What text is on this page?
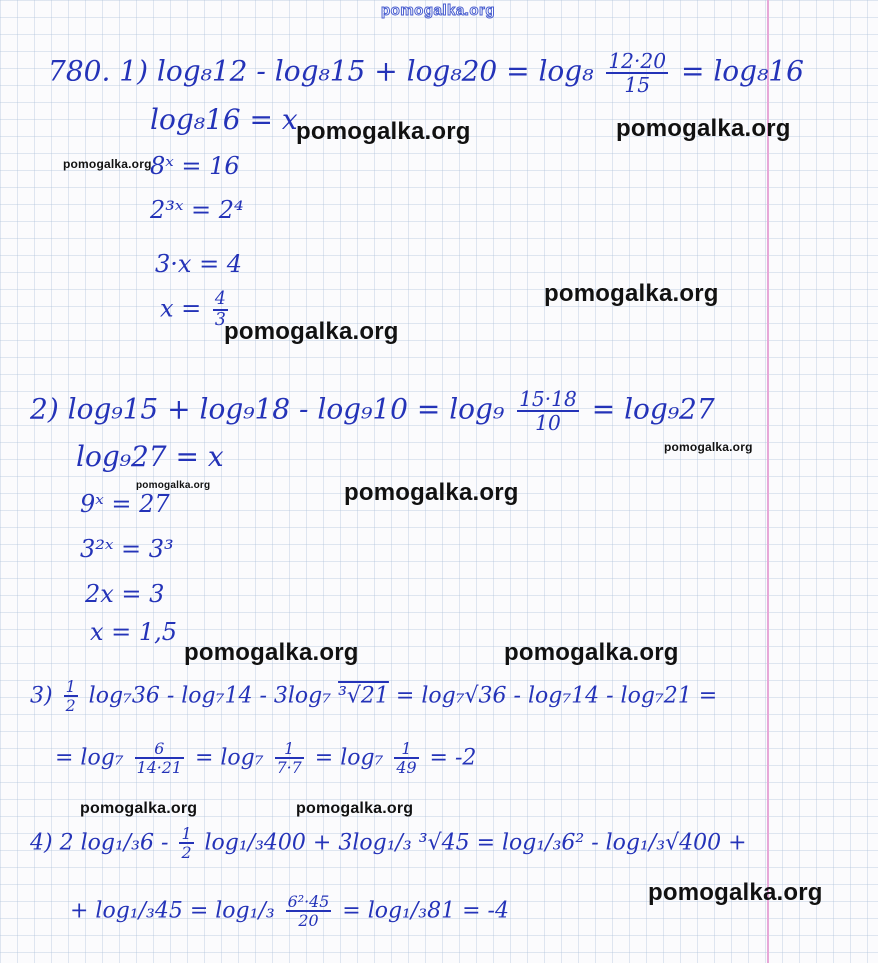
pomogalka.org
780. 1) $\log_812 - \log_815 + \log_820 = \log_8 \frac{12\cdot 20}{15} = \log_816$
log₈16 = x
8ˣ = 16
2³ˣ = 2⁴
3·x = 4
$x = \frac{4}{3}$
2) $\log_915 + \log_918 - \log_910 = \log_9 \frac{15\cdot 18}{10} = \log_927$
log₉27 = x
9ˣ = 27
3²ˣ = 3³
2x = 3
x = 1,5
$3) \frac{1}{2} \log_736 - \log_714 - 3\log_7$ ³√21 = log₇√36 - log₇14 - log₇21 =
= $\log_7 \frac{6}{14\cdot 21} = \log_7 \frac{1}{7\cdot 7} = \log_7 \frac{1}{49} = -2$
4) 2 $\log_1/_36 - \frac{1}{2} \log_1/_3400 + 3\log_1/_3$ ³√45 = log₁/₃6² - log₁/₃√400 +
+ $\log_1/_345 = \log_1/_3 \frac{\text{6²·45}}{20} = \log_1/_381 = -4$
pomogalka.org	pomogalka.org
pomogalka.org
pomogalka.org
pomogalka.org
pomogalka.org
pomogalka.org	pomogalka.org
pomogalka.org	pomogalka.org
pomogalka.org	pomogalka.org
pomogalka.org
